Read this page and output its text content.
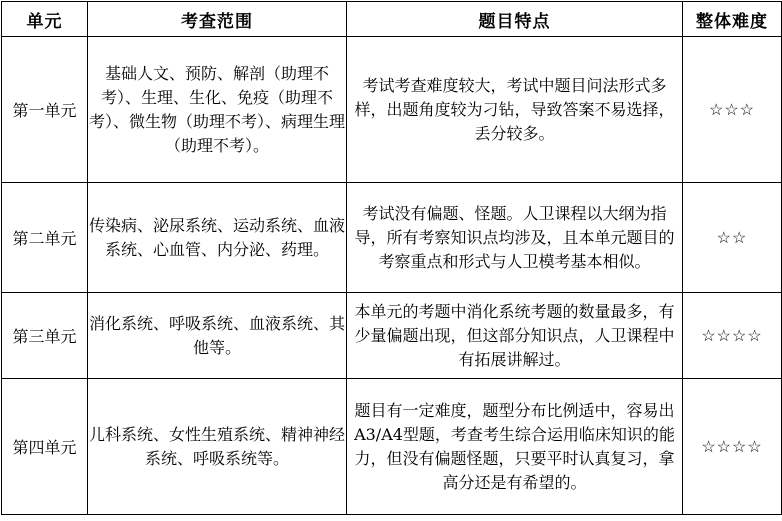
单元	考查范围	题目特点	整体难度
第一单元	基础人文、预防、解剖（助理不考）、生理、生化、免疫（助理不考）、微生物（助理不考）、病理生理（助理不考）。	考试考查难度较大，考试中题目问法形式多样，出题角度较为刁钻，导致答案不易选择，丢分较多。	☆☆☆
第二单元	传染病、泌尿系统、运动系统、血液系统、心血管、内分泌、药理。	考试没有偏题、怪题。人卫课程以大纲为指导，所有考察知识点均涉及，且本单元题目的考察重点和形式与人卫模考基本相似。	☆☆
第三单元	消化系统、呼吸系统、血液系统、其他等。	本单元的考题中消化系统考题的数量最多，有少量偏题出现，但这部分知识点，人卫课程中有拓展讲解过。	☆☆☆☆
第四单元	儿科系统、女性生殖系统、精神神经系统、呼吸系统等。	题目有一定难度，题型分布比例适中，容易出A3/A4型题，考查考生综合运用临床知识的能力，但没有偏题怪题，只要平时认真复习，拿高分还是有希望的。	☆☆☆☆
